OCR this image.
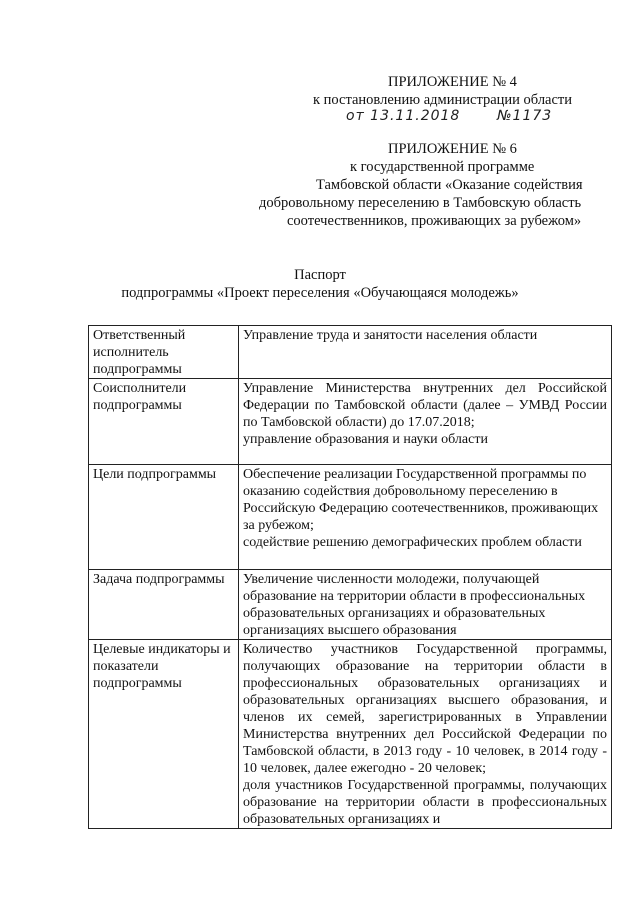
ПРИЛОЖЕНИЕ № 4
к постановлению администрации области
от 13.11.2018	№1173
ПРИЛОЖЕНИЕ № 6
к государственной программе
Тамбовской области «Оказание содействия
добровольному переселению в Тамбовскую область
соотечественников, проживающих за рубежом»
Паспорт
подпрограммы «Проект переселения «Обучающаяся молодежь»
Ответственный исполнитель подпрограммы	Управление труда и занятости населения области
Соисполнители подпрограммы	Управление Министерства внутренних дел Российской Федерации по Тамбовской области (далее – УМВД России по Тамбовской области) до 17.07.2018;
управление образования и науки области

Цели подпрограммы	Обеспечение реализации Государственной программы по оказанию содействия добровольному переселению в Российскую Федерацию соотечественников, проживающих за рубежом;
содействие решению демографических проблем области

Задача подпрограммы	Увеличение численности молодежи, получающей образование на территории области в профессиональных образовательных организациях и образовательных организациях высшего образования
Целевые индикаторы и показатели подпрограммы	Количество участников Государственной программы, получающих образование на территории области в профессиональных образовательных организациях и образовательных организациях высшего образования, и членов их семей, зарегистрированных в Управлении Министерства внутренних дел Российской Федерации по Тамбовской области, в 2013 году - 10 человек, в 2014 году - 10 человек, далее ежегодно - 20 человек;
доля участников Государственной программы, получающих образование на территории области в профессиональных образовательных организациях и
